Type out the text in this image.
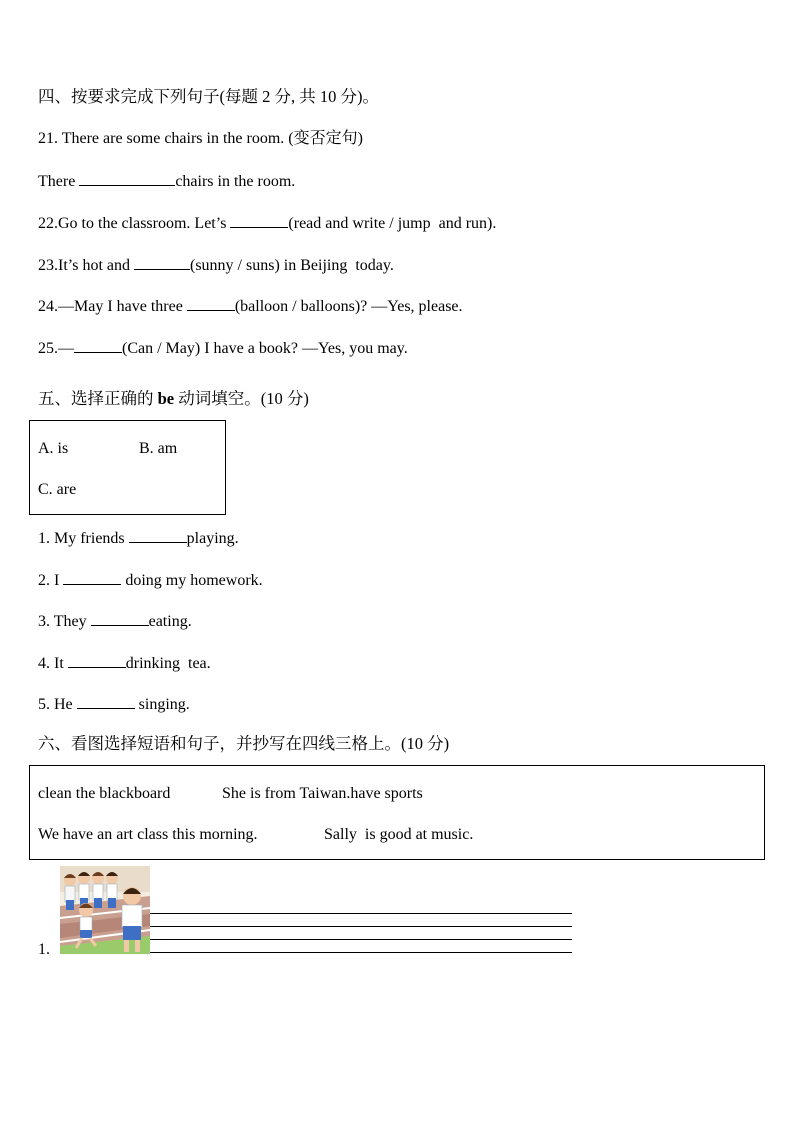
四、按要求完成下列句子(每题 2 分, 共 10 分)。
21. There are some chairs in the room. (变否定句)
There	chairs in the room.
22.Go to the classroom. Let’s	(read and write / jump  and run).
23.It’s hot and	(sunny / suns) in Beijing  today.
24.—May I have three	(balloon / balloons)? —Yes, please.
25.—	(Can / May) I have a book? —Yes, you may.
五、选择正确的 be 动词填空。(10 分)
A. is	B. am
C. are
1. My friends	playing.
2. I	doing my homework.
3. They	eating.
4. It	drinking  tea.
5. He	singing.
六、看图选择短语和句子，并抄写在四线三格上。(10 分)
clean the blackboard	She is from Taiwan.have sports
We have an art class this morning.	Sally  is good at music.
1.
